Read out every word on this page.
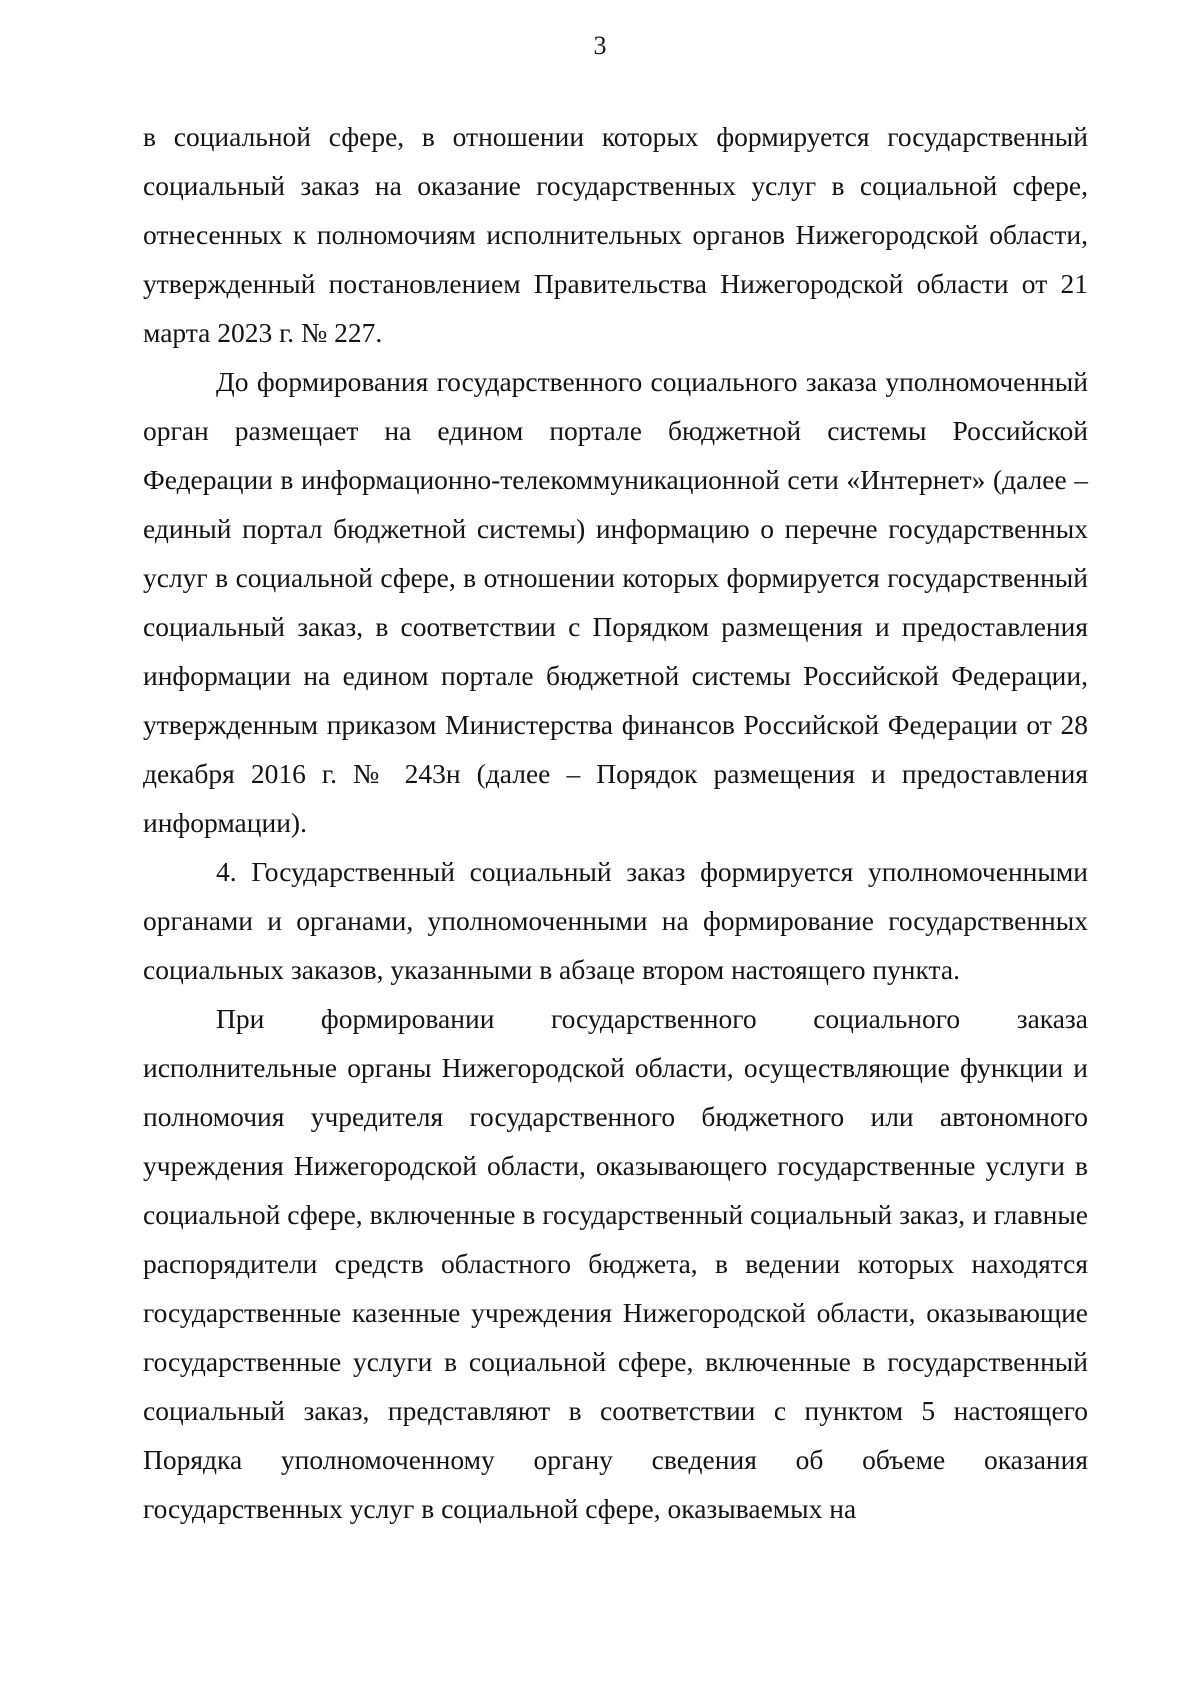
3

в социальной сфере, в отношении которых формируется государственный социальный заказ на оказание государственных услуг в социальной сфере, отнесенных к полномочиям исполнительных органов Нижегородской области, утвержденный постановлением Правительства Нижегородской области от 21 марта 2023 г. № 227.

До формирования государственного социального заказа уполномоченный орган размещает на едином портале бюджетной системы Российской Федерации в информационно-телекоммуникационной сети «Интернет» (далее – единый портал бюджетной системы) информацию о перечне государственных услуг в социальной сфере, в отношении которых формируется государственный социальный заказ, в соответствии с Порядком размещения и предоставления информации на едином портале бюджетной системы Российской Федерации, утвержденным приказом Министерства финансов Российской Федерации от 28 декабря 2016 г. № 243н (далее – Порядок размещения и предоставления информации).

4. Государственный социальный заказ формируется уполномоченными органами и органами, уполномоченными на формирование государственных социальных заказов, указанными в абзаце втором настоящего пункта.

При формировании государственного социального заказа исполнительные органы Нижегородской области, осуществляющие функции и полномочия учредителя государственного бюджетного или автономного учреждения Нижегородской области, оказывающего государственные услуги в социальной сфере, включенные в государственный социальный заказ, и главные распорядители средств областного бюджета, в ведении которых находятся государственные казенные учреждения Нижегородской области, оказывающие государственные услуги в социальной сфере, включенные в государственный социальный заказ, представляют в соответствии с пунктом 5 настоящего Порядка уполномоченному органу сведения об объеме оказания государственных услуг в социальной сфере, оказываемых на
